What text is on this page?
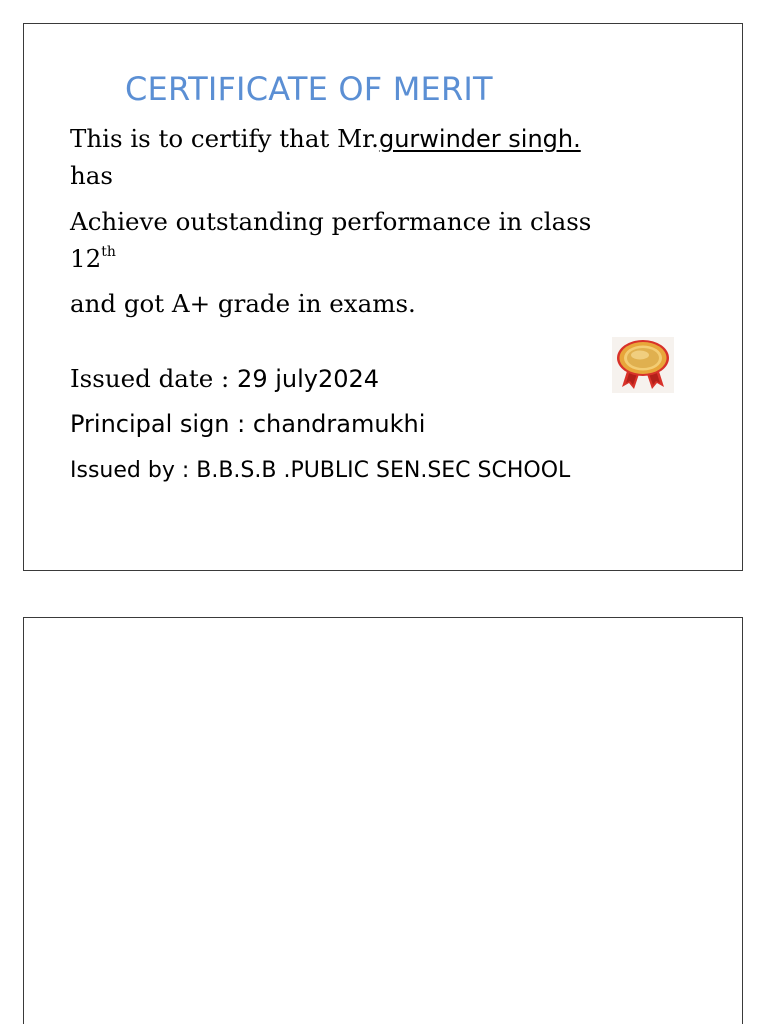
CERTIFICATE OF MERIT
This is to certify that Mr.gurwinder singh.
has
Achieve outstanding performance in class
12th
and got A+ grade in exams.
Issued date : 29 july2024
Principal sign : chandramukhi
Issued by : B.B.S.B .PUBLIC SEN.SEC SCHOOL
